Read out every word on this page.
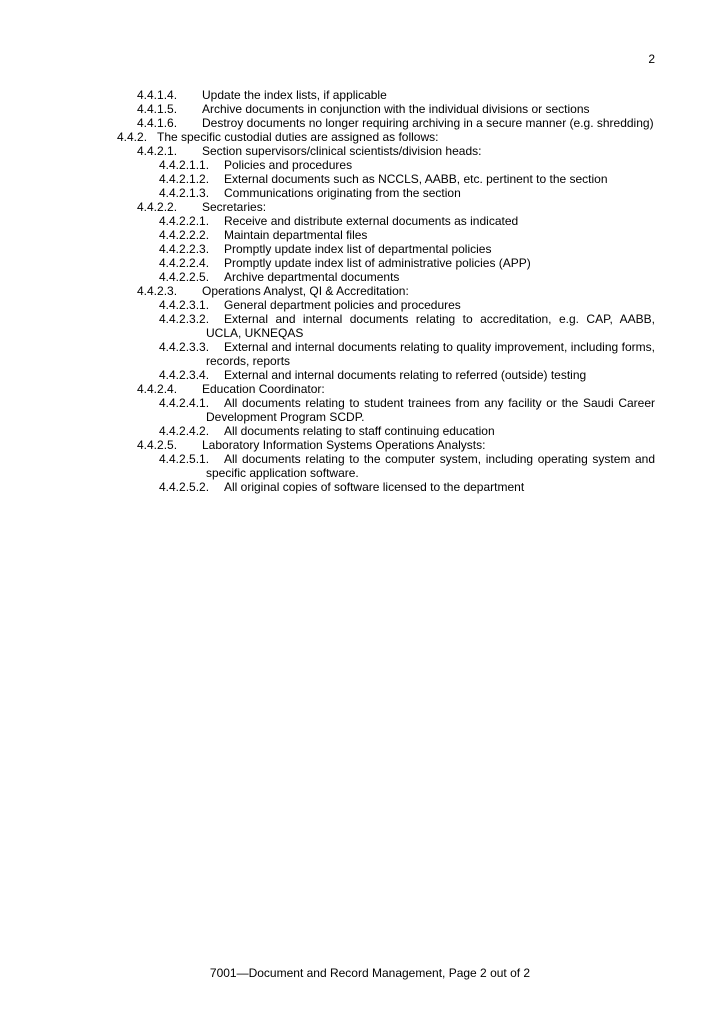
2
4.4.1.4. Update the index lists, if applicable
4.4.1.5. Archive documents in conjunction with the individual divisions or sections
4.4.1.6. Destroy documents no longer requiring archiving in a secure manner (e.g. shredding)
4.4.2. The specific custodial duties are assigned as follows:
4.4.2.1. Section supervisors/clinical scientists/division heads:
4.4.2.1.1. Policies and procedures
4.4.2.1.2. External documents such as NCCLS, AABB, etc. pertinent to the section
4.4.2.1.3. Communications originating from the section
4.4.2.2. Secretaries:
4.4.2.2.1. Receive and distribute external documents as indicated
4.4.2.2.2. Maintain departmental files
4.4.2.2.3. Promptly update index list of departmental policies
4.4.2.2.4. Promptly update index list of administrative policies (APP)
4.4.2.2.5. Archive departmental documents
4.4.2.3. Operations Analyst, QI & Accreditation:
4.4.2.3.1. General department policies and procedures
4.4.2.3.2.	External and internal documents relating to accreditation, e.g. CAP, AABB, UCLA, UKNEQAS
4.4.2.3.3.	External and internal documents relating to quality improvement, including forms, records, reports
4.4.2.3.4. External and internal documents relating to referred (outside) testing
4.4.2.4. Education Coordinator:
4.4.2.4.1.	All documents relating to student trainees from any facility or the Saudi Career Development Program SCDP.
4.4.2.4.2. All documents relating to staff continuing education
4.4.2.5. Laboratory Information Systems Operations Analysts:
4.4.2.5.1.	All documents relating to the computer system, including operating system and specific application software.
4.4.2.5.2. All original copies of software licensed to the department
7001—Document and Record Management, Page 2 out of 2
